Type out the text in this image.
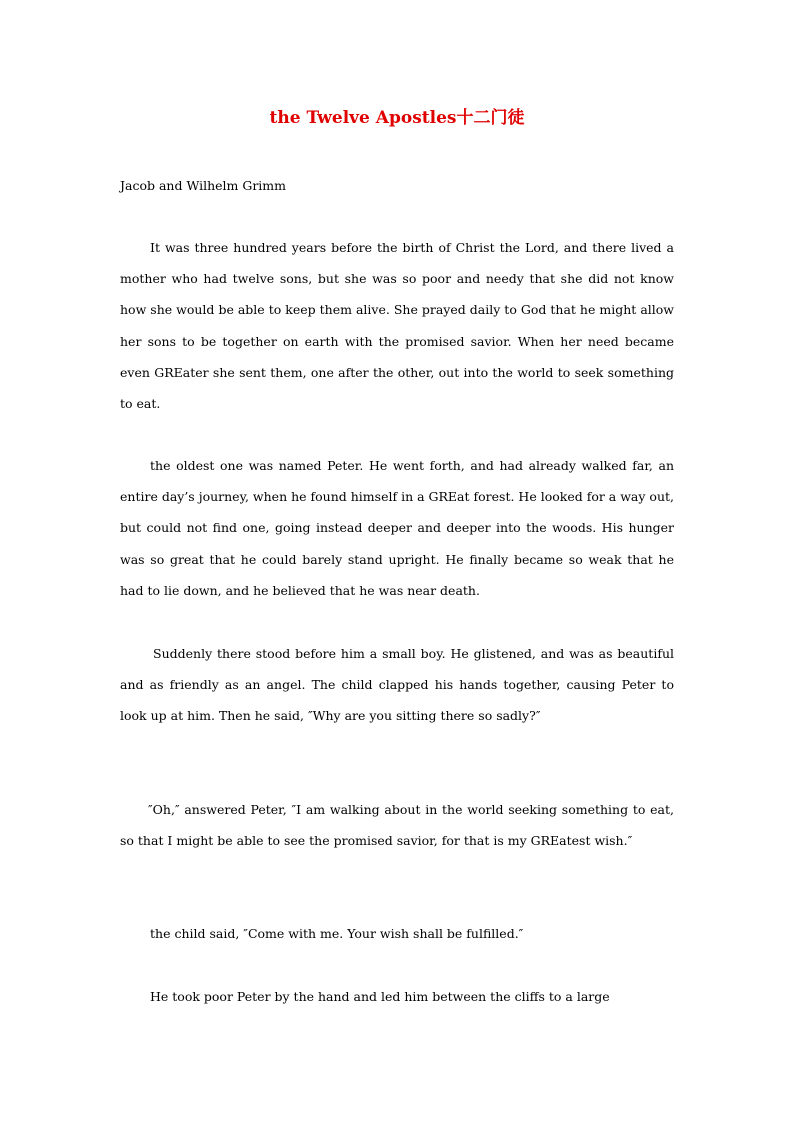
the Twelve Apostles十二门徒
Jacob and Wilhelm Grimm

It was three hundred years before the birth of Christ the Lord, and there lived a mother who had twelve sons, but she was so poor and needy that she did not know how she would be able to keep them alive. She prayed daily to God that he might allow her sons to be together on earth with the promised savior. When her need became even GREater she sent them, one after the other, out into the world to seek something to eat.

the oldest one was named Peter. He went forth, and had already walked far, an entire day’s journey, when he found himself in a GREat forest. He looked for a way out, but could not find one, going instead deeper and deeper into the woods. His hunger was so great that he could barely stand upright. He finally became so weak that he had to lie down, and he believed that he was near death.

Suddenly there stood before him a small boy. He glistened, and was as beautiful and as friendly as an angel. The child clapped his hands together, causing Peter to look up at him. Then he said, ″Why are you sitting there so sadly?″

″Oh,″ answered Peter, ″I am walking about in the world seeking something to eat, so that I might be able to see the promised savior, for that is my GREatest wish.″

the child said, ″Come with me. Your wish shall be fulfilled.″

He took poor Peter by the hand and led him between the cliffs to a large
